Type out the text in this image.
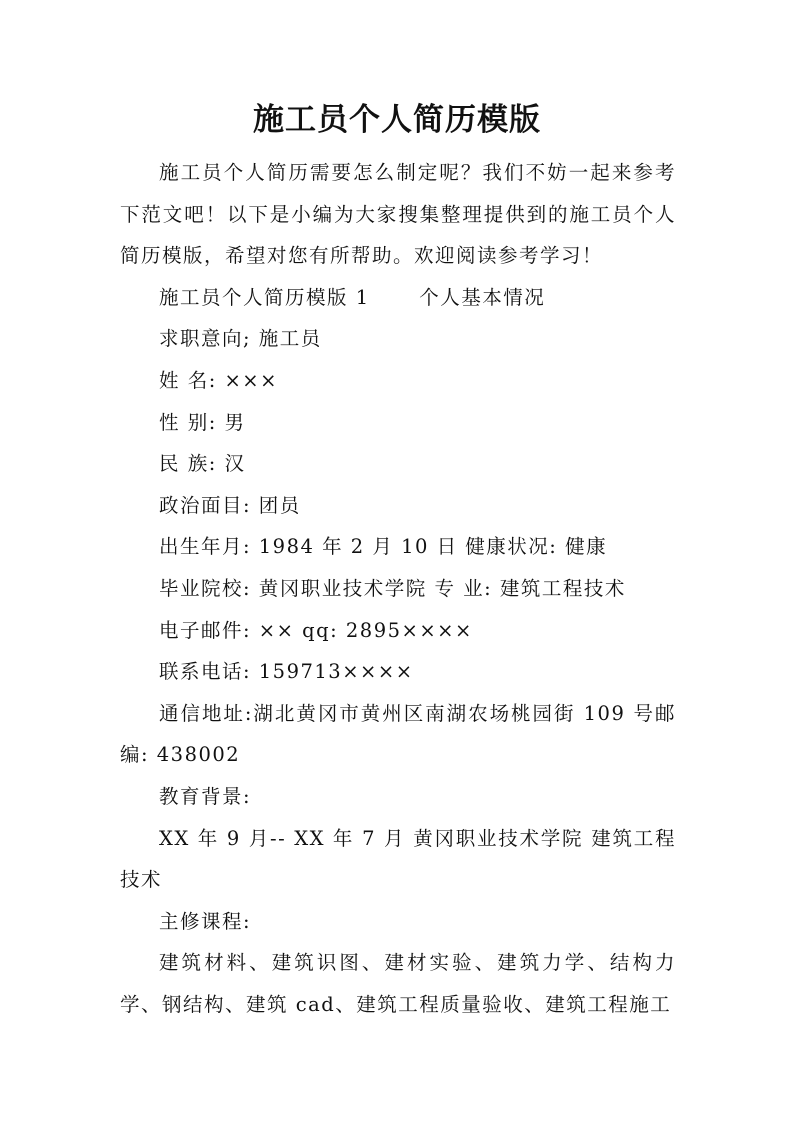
施工员个人简历模版

施工员个人简历需要怎么制定呢？我们不妨一起来参考下范文吧！以下是小编为大家搜集整理提供到的施工员个人简历模版，希望对您有所帮助。欢迎阅读参考学习！

施工员个人简历模版 1　　 个人基本情况

求职意向; 施工员

姓 名: ×××

性 别: 男

民 族: 汉

政治面目: 团员

出生年月: 1984 年 2 月 10 日 健康状况: 健康

毕业院校: 黄冈职业技术学院 专 业: 建筑工程技术

电子邮件: ×× qq: 2895××××

联系电话: 159713××××

通信地址:湖北黄冈市黄州区南湖农场桃园街 109 号邮编: 438002

教育背景:

XX 年 9 月-- XX 年 7 月 黄冈职业技术学院 建筑工程技术

主修课程:

建筑材料、建筑识图、建材实验、建筑力学、结构力学、钢结构、建筑 cad、建筑工程质量验收、建筑工程施工
